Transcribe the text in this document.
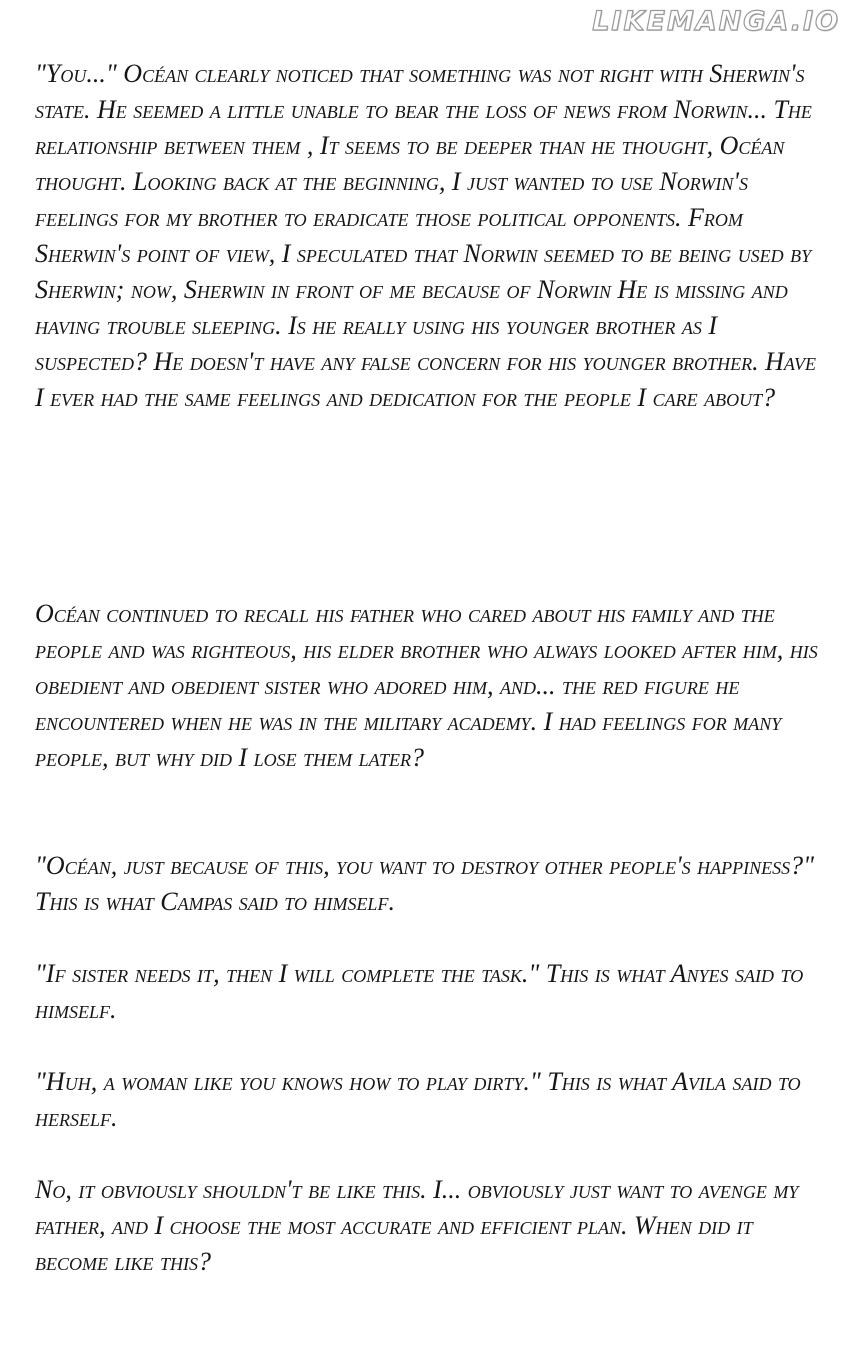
LIKEMANGA.IO

"You..." Océan clearly noticed that something was not right with Sherwin's state. He seemed a little unable to bear the loss of news from Norwin... The relationship between them , It seems to be deeper than he thought, Océan thought. Looking back at the beginning, I just wanted to use Norwin's feelings for my brother to eradicate those political opponents. From Sherwin's point of view, I speculated that Norwin seemed to be being used by Sherwin; now, Sherwin in front of me because of Norwin He is missing and having trouble sleeping. Is he really using his younger brother as I suspected? He doesn't have any false concern for his younger brother. Have I ever had the same feelings and dedication for the people I care about?

Océan continued to recall his father who cared about his family and the people and was righteous, his elder brother who always looked after him, his obedient and obedient sister who adored him, and... the red figure he encountered when he was in the military academy. I had feelings for many people, but why did I lose them later?

"Océan, just because of this, you want to destroy other people's happiness?" This is what Campas said to himself.

"If sister needs it, then I will complete the task." This is what Anyes said to himself.

"Huh, a woman like you knows how to play dirty." This is what Avila said to herself.

No, it obviously shouldn't be like this. I... obviously just want to avenge my father, and I choose the most accurate and efficient plan. When did it become like this?
